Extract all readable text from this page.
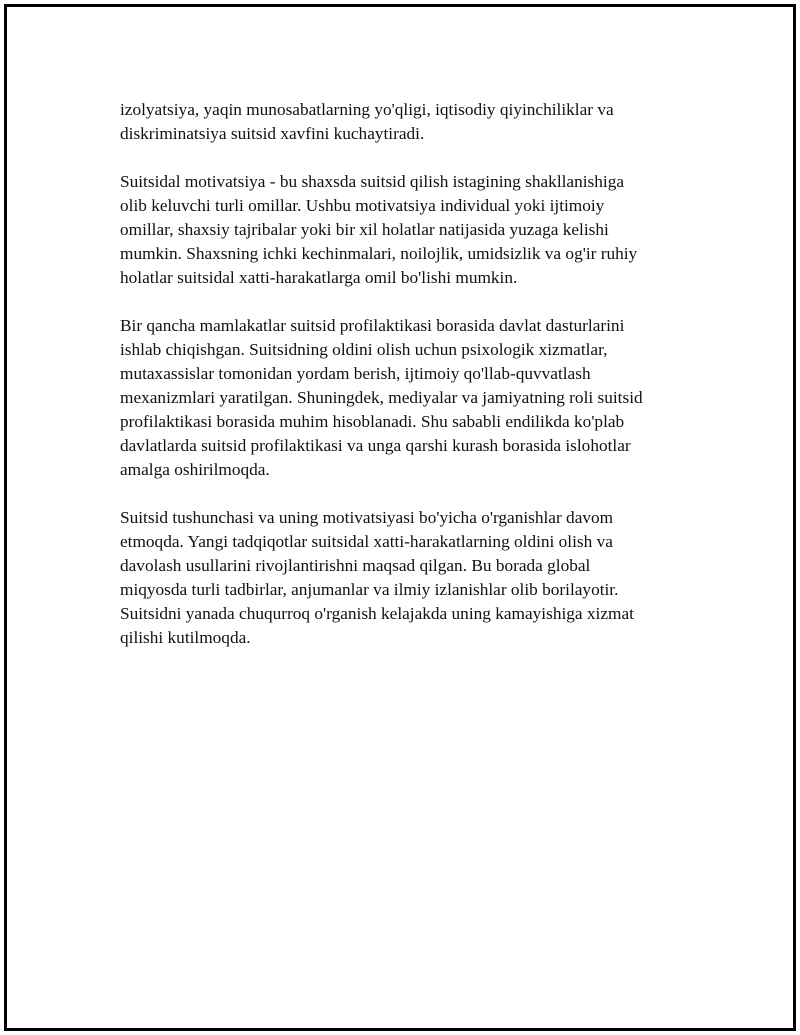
izolyatsiya, yaqin munosabatlarning yo'qligi, iqtisodiy qiyinchiliklar va
diskriminatsiya suitsid xavfini kuchaytiradi.

Suitsidal motivatsiya - bu shaxsda suitsid qilish istagining shakllanishiga
olib keluvchi turli omillar. Ushbu motivatsiya individual yoki ijtimoiy
omillar, shaxsiy tajribalar yoki bir xil holatlar natijasida yuzaga kelishi
mumkin. Shaxsning ichki kechinmalari, noilojlik, umidsizlik va og'ir ruhiy
holatlar suitsidal xatti-harakatlarga omil bo'lishi mumkin.

Bir qancha mamlakatlar suitsid profilaktikasi borasida davlat dasturlarini
ishlab chiqishgan. Suitsidning oldini olish uchun psixologik xizmatlar,
mutaxassislar tomonidan yordam berish, ijtimoiy qo'llab-quvvatlash
mexanizmlari yaratilgan. Shuningdek, mediyalar va jamiyatning roli suitsid
profilaktikasi borasida muhim hisoblanadi. Shu sababli endilikda ko'plab
davlatlarda suitsid profilaktikasi va unga qarshi kurash borasida islohotlar
amalga oshirilmoqda.

Suitsid tushunchasi va uning motivatsiyasi bo'yicha o'rganishlar davom
etmoqda. Yangi tadqiqotlar suitsidal xatti-harakatlarning oldini olish va
davolash usullarini rivojlantirishni maqsad qilgan. Bu borada global
miqyosda turli tadbirlar, anjumanlar va ilmiy izlanishlar olib borilayotir.
Suitsidni yanada chuqurroq o'rganish kelajakda uning kamayishiga xizmat
qilishi kutilmoqda.
